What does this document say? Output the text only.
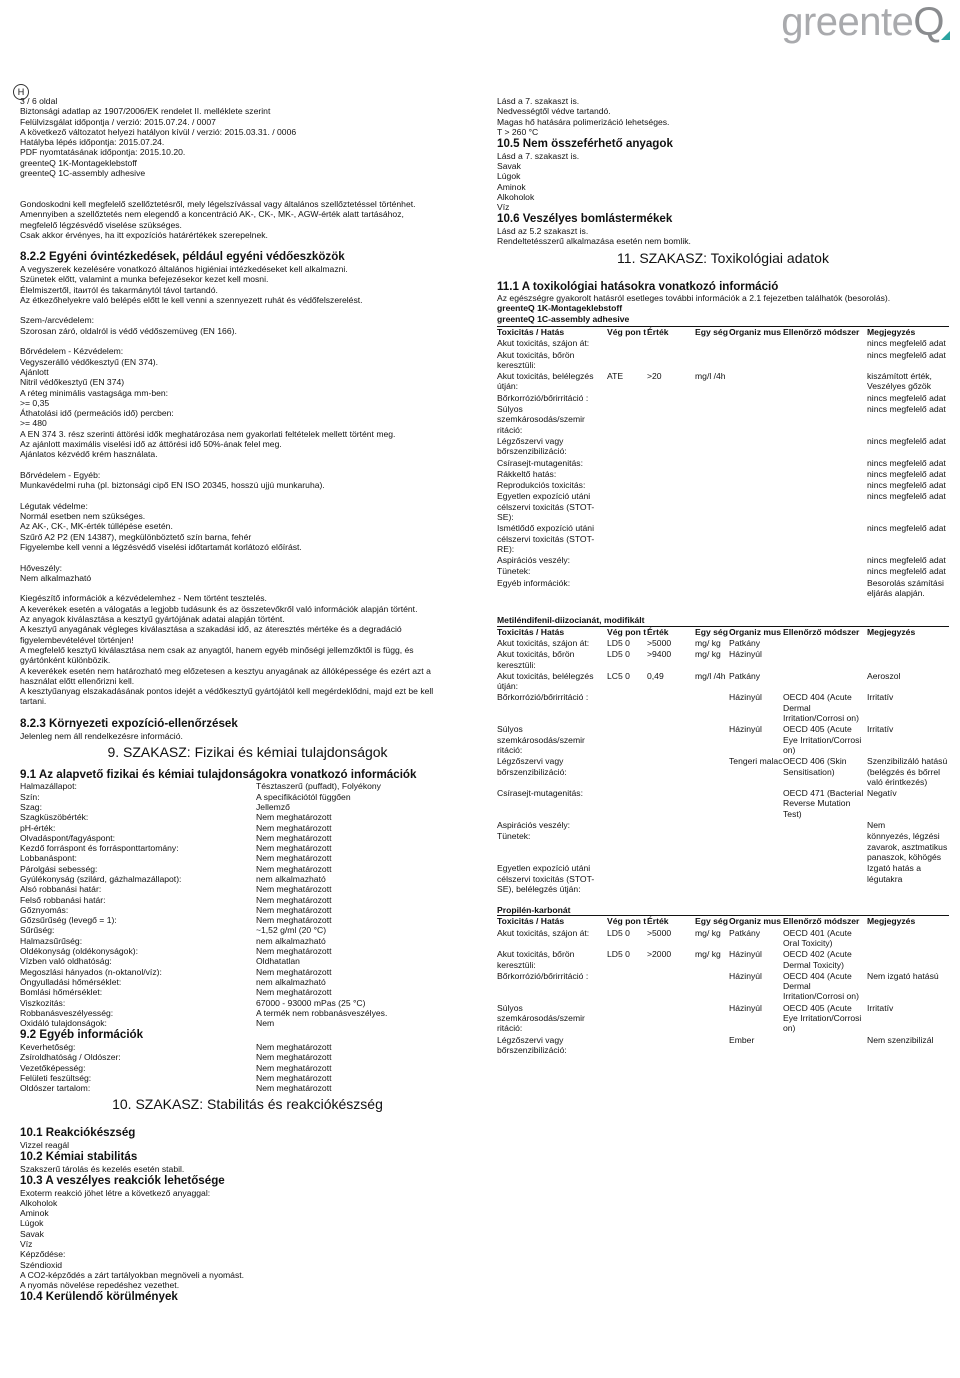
greenteQ
H
3 / 6 oldal
Biztonsági adatlap az 1907/2006/EK rendelet II. melléklete szerint
Felülvizsgálat időpontja / verzió: 2015.07.24. / 0007
A következő változatot helyezi hatályon kívül / verzió: 2015.03.31. / 0006
Hatályba lépés időpontja: 2015.07.24.
PDF nyomtatásának időpontja: 2015.10.20.
greenteQ 1K-Montageklebstoff
greenteQ 1C-assembly adhesive
Gondoskodni kell megfelelő szellőztetésről, mely légelszívással vagy általános szellőztetéssel történhet.
Amennyiben a szellőztetés nem elegendő a koncentráció AK-, CK-, MK-, AGW-érték alatt tartásához,
megfelelő légzésvédő viselése szükséges.
Csak akkor érvényes, ha itt expozíciós határértékek szerepelnek.
8.2.2 Egyéni óvintézkedések, például egyéni védőeszközök
A vegyszerek kezelésére vonatkozó általános higiéniai intézkedéseket kell alkalmazni.
Szünetek előtt, valamint a munka befejezésekor kezet kell mosni.
Élelmiszertől, itaитól és takarmánytól távol tartandó.
Az étkezőhelyekre való belépés előtt le kell venni a szennyezett ruhát és védőfelszerelést.
Szem-/arcvédelem:
Szorosan záró, oldalról is védő védőszemüveg (EN 166).
Bőrvédelem - Kézvédelem:
Vegyszerálló védőkesztyű (EN 374).
Ajánlott
Nitril védőkesztyű (EN 374)
A réteg minimális vastagsága mm-ben:
>= 0,35
Áthatolási idő (permeációs idő) percben:
>= 480
A EN 374 3. rész szerinti áttörési idők meghatározása nem gyakorlati feltételek mellett történt meg.
Az ajánlott maximális viselési idő az áttörési idő 50%-ának felel meg.
Ajánlatos kézvédő krém használata.
Bőrvédelem - Egyéb:
Munkavédelmi ruha (pl. biztonsági cipő EN ISO 20345, hosszú ujjú munkaruha).
Légutak védelme:
Normál esetben nem szükséges.
Az AK-, CK-, MK-érték túllépése esetén.
Szűrő A2 P2 (EN 14387), megkülönböztető szín barna, fehér
Figyelembe kell venni a légzésvédő viselési időtartamát korlátozó előírást.
Hőveszély:
Nem alkalmazható
Kiegészítő információk a kézvédelemhez - Nem történt tesztelés.
A keverékek esetén a válogatás a legjobb tudásunk és az összetevőkről való információk alapján történt.
Az anyagok kiválasztása a kesztyű gyártójának adatai alapján történt.
A kesztyű anyagának végleges kiválasztása a szakadási idő, az áteresztés mértéke és a degradáció
figyelembevételével történjen!
A megfelelő kesztyű kiválasztása nem csak az anyagtól, hanem egyéb minőségi jellemzőktől is függ, és
gyártónként különbözik.
A keverékek esetén nem határozható meg előzetesen a kesztyu anyagának az állóképessége és ezért azt a
használat előtt ellenőrizni kell.
A kesztyűanyag elszakadásának pontos idejét a védőkesztyű gyártójától kell megérdeklődni, majd ezt be kell
tartani.
8.2.3 Környezeti expozíció-ellenőrzések
Jelenleg nem áll rendelkezésre információ.
9. SZAKASZ: Fizikai és kémiai tulajdonságok
9.1 Az alapvető fizikai és kémiai tulajdonságokra vonatkozó információk
Halmazállapot:	Tésztaszerű (puffadt), Folyékony
Szín:	A specifikációtól függően
Szag:	Jellemző
Szagküszöbérték:	Nem meghatározott
pH-érték:	Nem meghatározott
Olvadáspont/fagyáspont:	Nem meghatározott
Kezdő forráspont és forrásponttartomány:	Nem meghatározott
Lobbanáspont:	Nem meghatározott
Párolgási sebesség:	Nem meghatározott
Gyúlékonyság (szilárd, gázhalmazállapot):	nem alkalmazható
Alsó robbanási határ:	Nem meghatározott
Felső robbanási határ:	Nem meghatározott
Gőznyomás:	Nem meghatározott
Gőzsűrűség (levegő = 1):	Nem meghatározott
Sűrűség:	~1,52 g/ml (20 °C)
Halmazsűrűség:	nem alkalmazható
Oldékonyság (oldékonyságok):	Nem meghatározott
Vízben való oldhatóság:	Oldhatatlan
Megoszlási hányados (n-oktanol/víz):	Nem meghatározott
Öngyulladási hőmérséklet:	nem alkalmazható
Bomlási hőmérséklet:	Nem meghatározott
Viszkozitás:	67000 - 93000 mPas (25 °C)
Robbanásveszélyesség:	A termék nem robbanásveszélyes.
Oxidáló tulajdonságok:	Nem
9.2 Egyéb információk
Keverhetőség:	Nem meghatározott
Zsíroldhatóság / Oldószer:	Nem meghatározott
Vezetőképesség:	Nem meghatározott
Felületi feszültség:	Nem meghatározott
Oldószer tartalom:	Nem meghatározott
10. SZAKASZ: Stabilitás és reakciókészség
10.1 Reakciókészség
Vizzel reagál
10.2 Kémiai stabilitás
Szakszerű tárolás és kezelés esetén stabil.
10.3 A veszélyes reakciók lehetősége
Exoterm reakció jöhet létre a következő anyaggal:
Alkoholok
Aminok
Lúgok
Savak
Víz
Képződése:
Széndioxid
A CO2-képződés a zárt tartályokban megnöveli a nyomást.
A nyomás növelése repedéshez vezethet.
10.4 Kerülendő körülmények
Lásd a 7. szakaszt is.
Nedvességtől védve tartandó.
Magas hő hatására polimerizáció lehetséges.
T > 260 °C
10.5 Nem összeférhető anyagok
Lásd a 7. szakaszt is.
Savak
Lúgok
Aminok
Alkoholok
Víz
10.6 Veszélyes bomlástermékek
Lásd az 5.2 szakaszt is.
Rendeltetésszerű alkalmazása esetén nem bomlik.
11. SZAKASZ: Toxikológiai adatok
11.1 A toxikológiai hatásokra vonatkozó információ
Az egészségre gyakorolt hatásról esetleges további információk a 2.1 fejezetben találhatók (besorolás).
greenteQ 1K-Montageklebstoff
greenteQ 1C-assembly adhesive
Toxicitás / Hatás	Vég pon t	Érték	Egy ség	Organiz mus	Ellenőrző módszer	Megjegyzés
Akut toxicitás, szájon át:						nincs megfelelő adat
Akut toxicitás, bőrön keresztüli:						nincs megfelelő adat
Akut toxicitás, belélegzés útján:	ATE	>20	mg/l /4h			kiszámított érték, Veszélyes gőzök
Bőrkorrózió/bőrirritáció :						nincs megfelelő adat
Súlyos szemkárosodás/szemir ritáció:						nincs megfelelő adat
Légzőszervi vagy bőrszenzibilizáció:						nincs megfelelő adat
Csírasejt-mutagenitás:						nincs megfelelő adat
Rákkeltő hatás:						nincs megfelelő adat
Reprodukciós toxicitás:						nincs megfelelő adat
Egyetlen expozíció utáni célszervi toxicitás (STOT-SE):						nincs megfelelő adat
Ismétlődő expozíció utáni célszervi toxicitás (STOT-RE):						nincs megfelelő adat
Aspirációs veszély:						nincs megfelelő adat
Tünetek:						nincs megfelelő adat
Egyéb információk:						Besorolás számítási eljárás alapján.
Metiléndifenil-diizocianát, modifikált
Toxicitás / Hatás	Vég pon t	Érték	Egy ség	Organiz mus	Ellenőrző módszer	Megjegyzés
Akut toxicitás, szájon át:	LD5 0	>5000	mg/ kg	Patkány		
Akut toxicitás, bőrön keresztüli:	LD5 0	>9400	mg/ kg	Házinyúl		
Akut toxicitás, belélegzés útján:	LC5 0	0,49	mg/l /4h	Patkány		Aeroszol
Bőrkorrózió/bőrirritáció :				Házinyúl	OECD 404 (Acute Dermal Irritation/Corrosi on)	Irritatív
Súlyos szemkárosodás/szemir ritáció:				Házinyúl	OECD 405 (Acute Eye Irritation/Corrosi on)	Irritatív
Légzőszervi vagy bőrszenzibilizáció:				Tengeri malac	OECD 406 (Skin Sensitisation)	Szenzibilizáló hatású (belégzés és bőrrel való érintkezés)
Csírasejt-mutagenitás:					OECD 471 (Bacterial Reverse Mutation Test)	Negatív
Aspirációs veszély:						Nem
Tünetek:						könnyezés, légzési zavarok, asztmatikus panaszok, köhögés
Egyetlen expozíció utáni célszervi toxicitás (STOT-SE), belélegzés útján:						Izgató hatás a légutakra
Propilén-karbonát
Toxicitás / Hatás	Vég pon t	Érték	Egy ség	Organiz mus	Ellenőrző módszer	Megjegyzés
Akut toxicitás, szájon át:	LD5 0	>5000	mg/ kg	Patkány	OECD 401 (Acute Oral Toxicity)	
Akut toxicitás, bőrön keresztüli:	LD5 0	>2000	mg/ kg	Házinyúl	OECD 402 (Acute Dermal Toxicity)	
Bőrkorrózió/bőrirritáció :				Házinyúl	OECD 404 (Acute Dermal Irritation/Corrosi on)	Nem izgató hatású
Súlyos szemkárosodás/szemir ritáció:				Házinyúl	OECD 405 (Acute Eye Irritation/Corrosi on)	Irritatív
Légzőszervi vagy bőrszenzibilizáció:				Ember		Nem szenzibilizál
